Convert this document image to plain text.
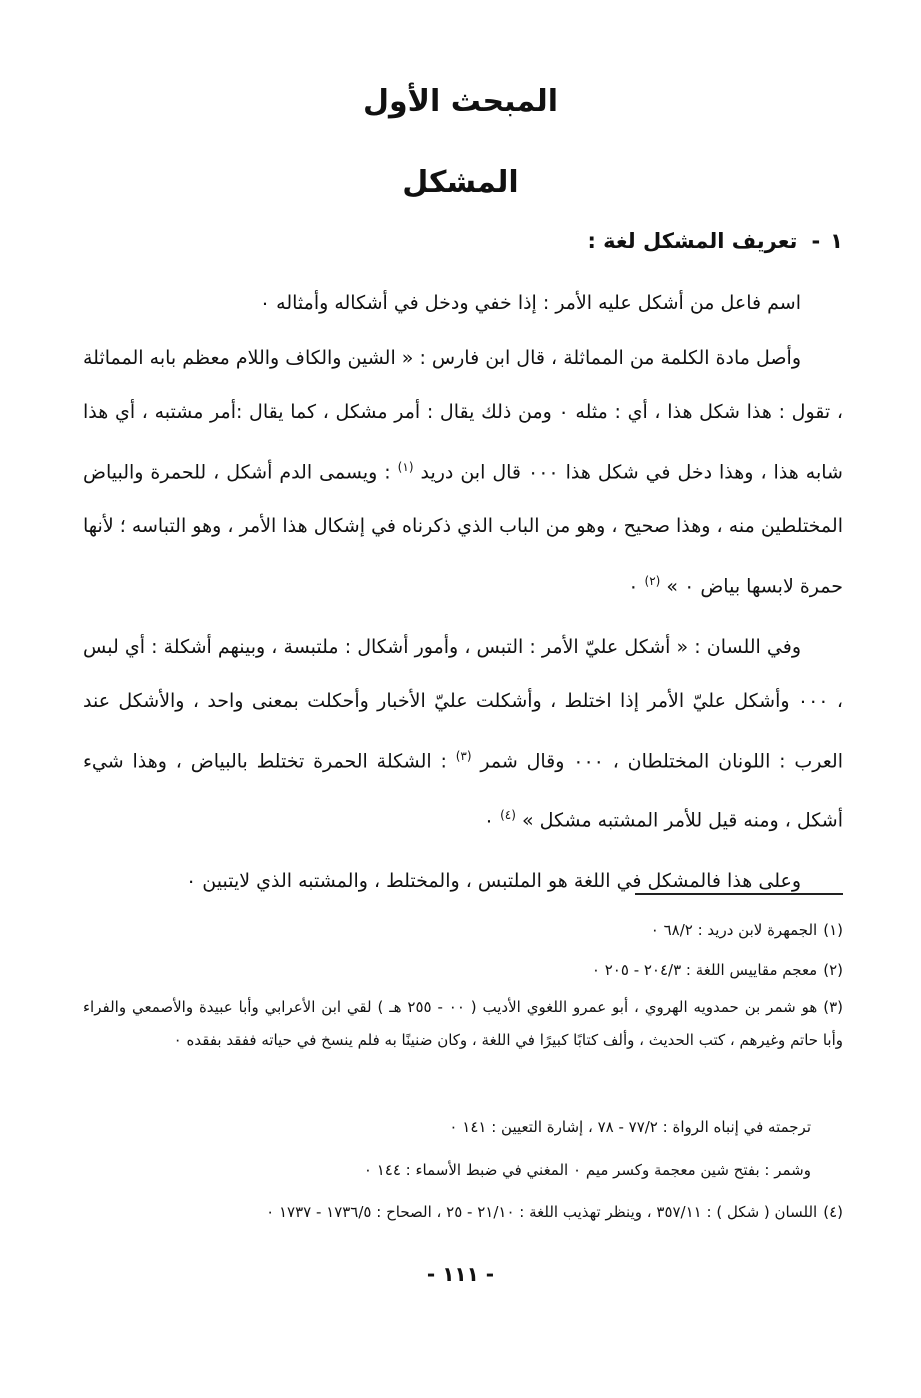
المبحث الأول
المشكل
١-تعريف المشكل لغة :

اسم فاعل من أشكل عليه الأمر : إذا خفي ودخل في أشكاله وأمثاله ٠

وأصل مادة الكلمة من المماثلة ، قال ابن فارس : « الشين والكاف واللام معظم بابه المماثلة ، تقول : هذا شكل هذا ، أي : مثله ٠ ومن ذلك يقال : أمر مشكل ، كما يقال :أمر مشتبه ، أي هذا شابه هذا ، وهذا دخل في شكل هذا ٠٠٠ قال ابن دريد $^{(١)}$ : ويسمى الدم أشكل ، للحمرة والبياض المختلطين منه ، وهذا صحيح ، وهو من الباب الذي ذكرناه في إشكال هذا الأمر ، وهو التباسه ؛ لأنها حمرة لابسها بياض ٠ » $^{(٢)}$ ٠

وفي اللسان : « أشكل عليّ الأمر : التبس ، وأمور أشكال : ملتبسة ، وبينهم أشكلة : أي لبس ، ٠٠٠ وأشكل عليّ الأمر إذا اختلط ، وأشكلت عليّ الأخبار وأحكلت بمعنى واحد ، والأشكل عند العرب : اللونان المختلطان ، ٠٠٠ وقال شمر $^{(٣)}$ : الشكلة الحمرة تختلط بالبياض ، وهذا شيء أشكل ، ومنه قيل للأمر المشتبه مشكل » $^{(٤)}$ ٠

وعلى هذا فالمشكل في اللغة هو الملتبس ، والمختلط ، والمشتبه الذي لايتبين ٠

(١)الجمهرة لابن دريد : ٦٨/٢ ٠
(٢)معجم مقاييس اللغة : ٢٠٤/٣ - ٢٠٥ ٠
(٣)هو شمر بن حمدويه الهروي ، أبو عمرو اللغوي الأديب ( ٠٠ - ٢٥٥ هـ ) لقي ابن الأعرابي وأبا عبيدة والأصمعي والفراء وأبا حاتم وغيرهم ، كتب الحديث ، وألف كتابًا كبيرًا في اللغة ، وكان ضنينًا به فلم ينسخ في حياته ففقد بفقده ٠
ترجمته في إنباه الرواة : ٧٧/٢ - ٧٨ ، إشارة التعيين : ١٤١ ٠
وشمر : بفتح شين معجمة وكسر ميم ٠ المغني في ضبط الأسماء : ١٤٤ ٠
(٤)اللسان ( شكل ) : ٣٥٧/١١ ، وينظر تهذيب اللغة : ٢١/١٠ - ٢٥ ، الصحاح : ١٧٣٦/٥ - ١٧٣٧ ٠
- ١١١ -
